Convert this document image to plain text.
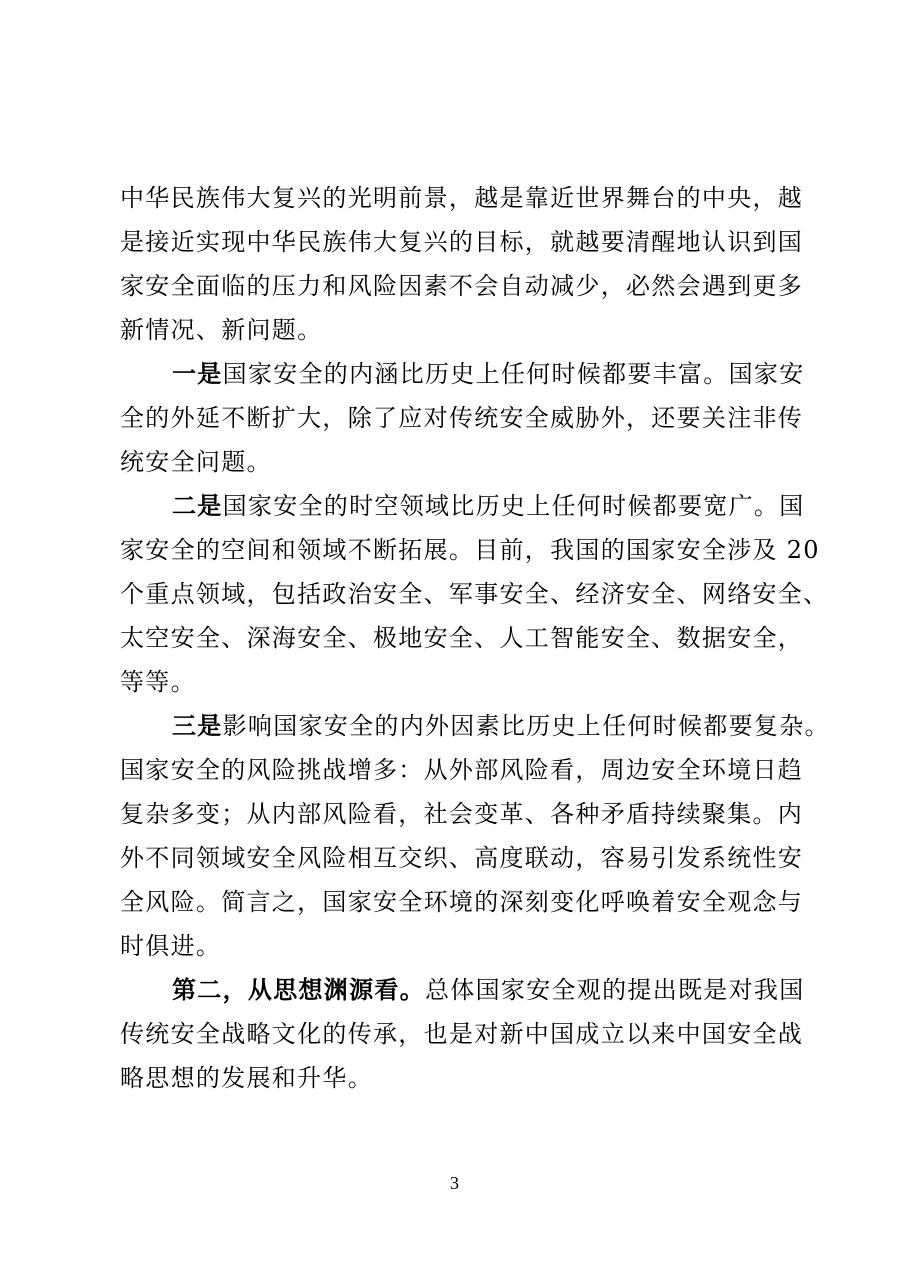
中华民族伟大复兴的光明前景，越是靠近世界舞台的中央，越
是接近实现中华民族伟大复兴的目标，就越要清醒地认识到国
家安全面临的压力和风险因素不会自动减少，必然会遇到更多
新情况、新问题。
一是国家安全的内涵比历史上任何时候都要丰富。国家安
全的外延不断扩大，除了应对传统安全威胁外，还要关注非传
统安全问题。
二是国家安全的时空领域比历史上任何时候都要宽广。国
家安全的空间和领域不断拓展。目前，我国的国家安全涉及 20
个重点领域，包括政治安全、军事安全、经济安全、网络安全、
太空安全、深海安全、极地安全、人工智能安全、数据安全，
等等。
三是影响国家安全的内外因素比历史上任何时候都要复杂。
国家安全的风险挑战增多：从外部风险看，周边安全环境日趋
复杂多变；从内部风险看，社会变革、各种矛盾持续聚集。内
外不同领域安全风险相互交织、高度联动，容易引发系统性安
全风险。简言之，国家安全环境的深刻变化呼唤着安全观念与
时俱进。
第二，从思想渊源看。总体国家安全观的提出既是对我国
传统安全战略文化的传承，也是对新中国成立以来中国安全战
略思想的发展和升华。
3
